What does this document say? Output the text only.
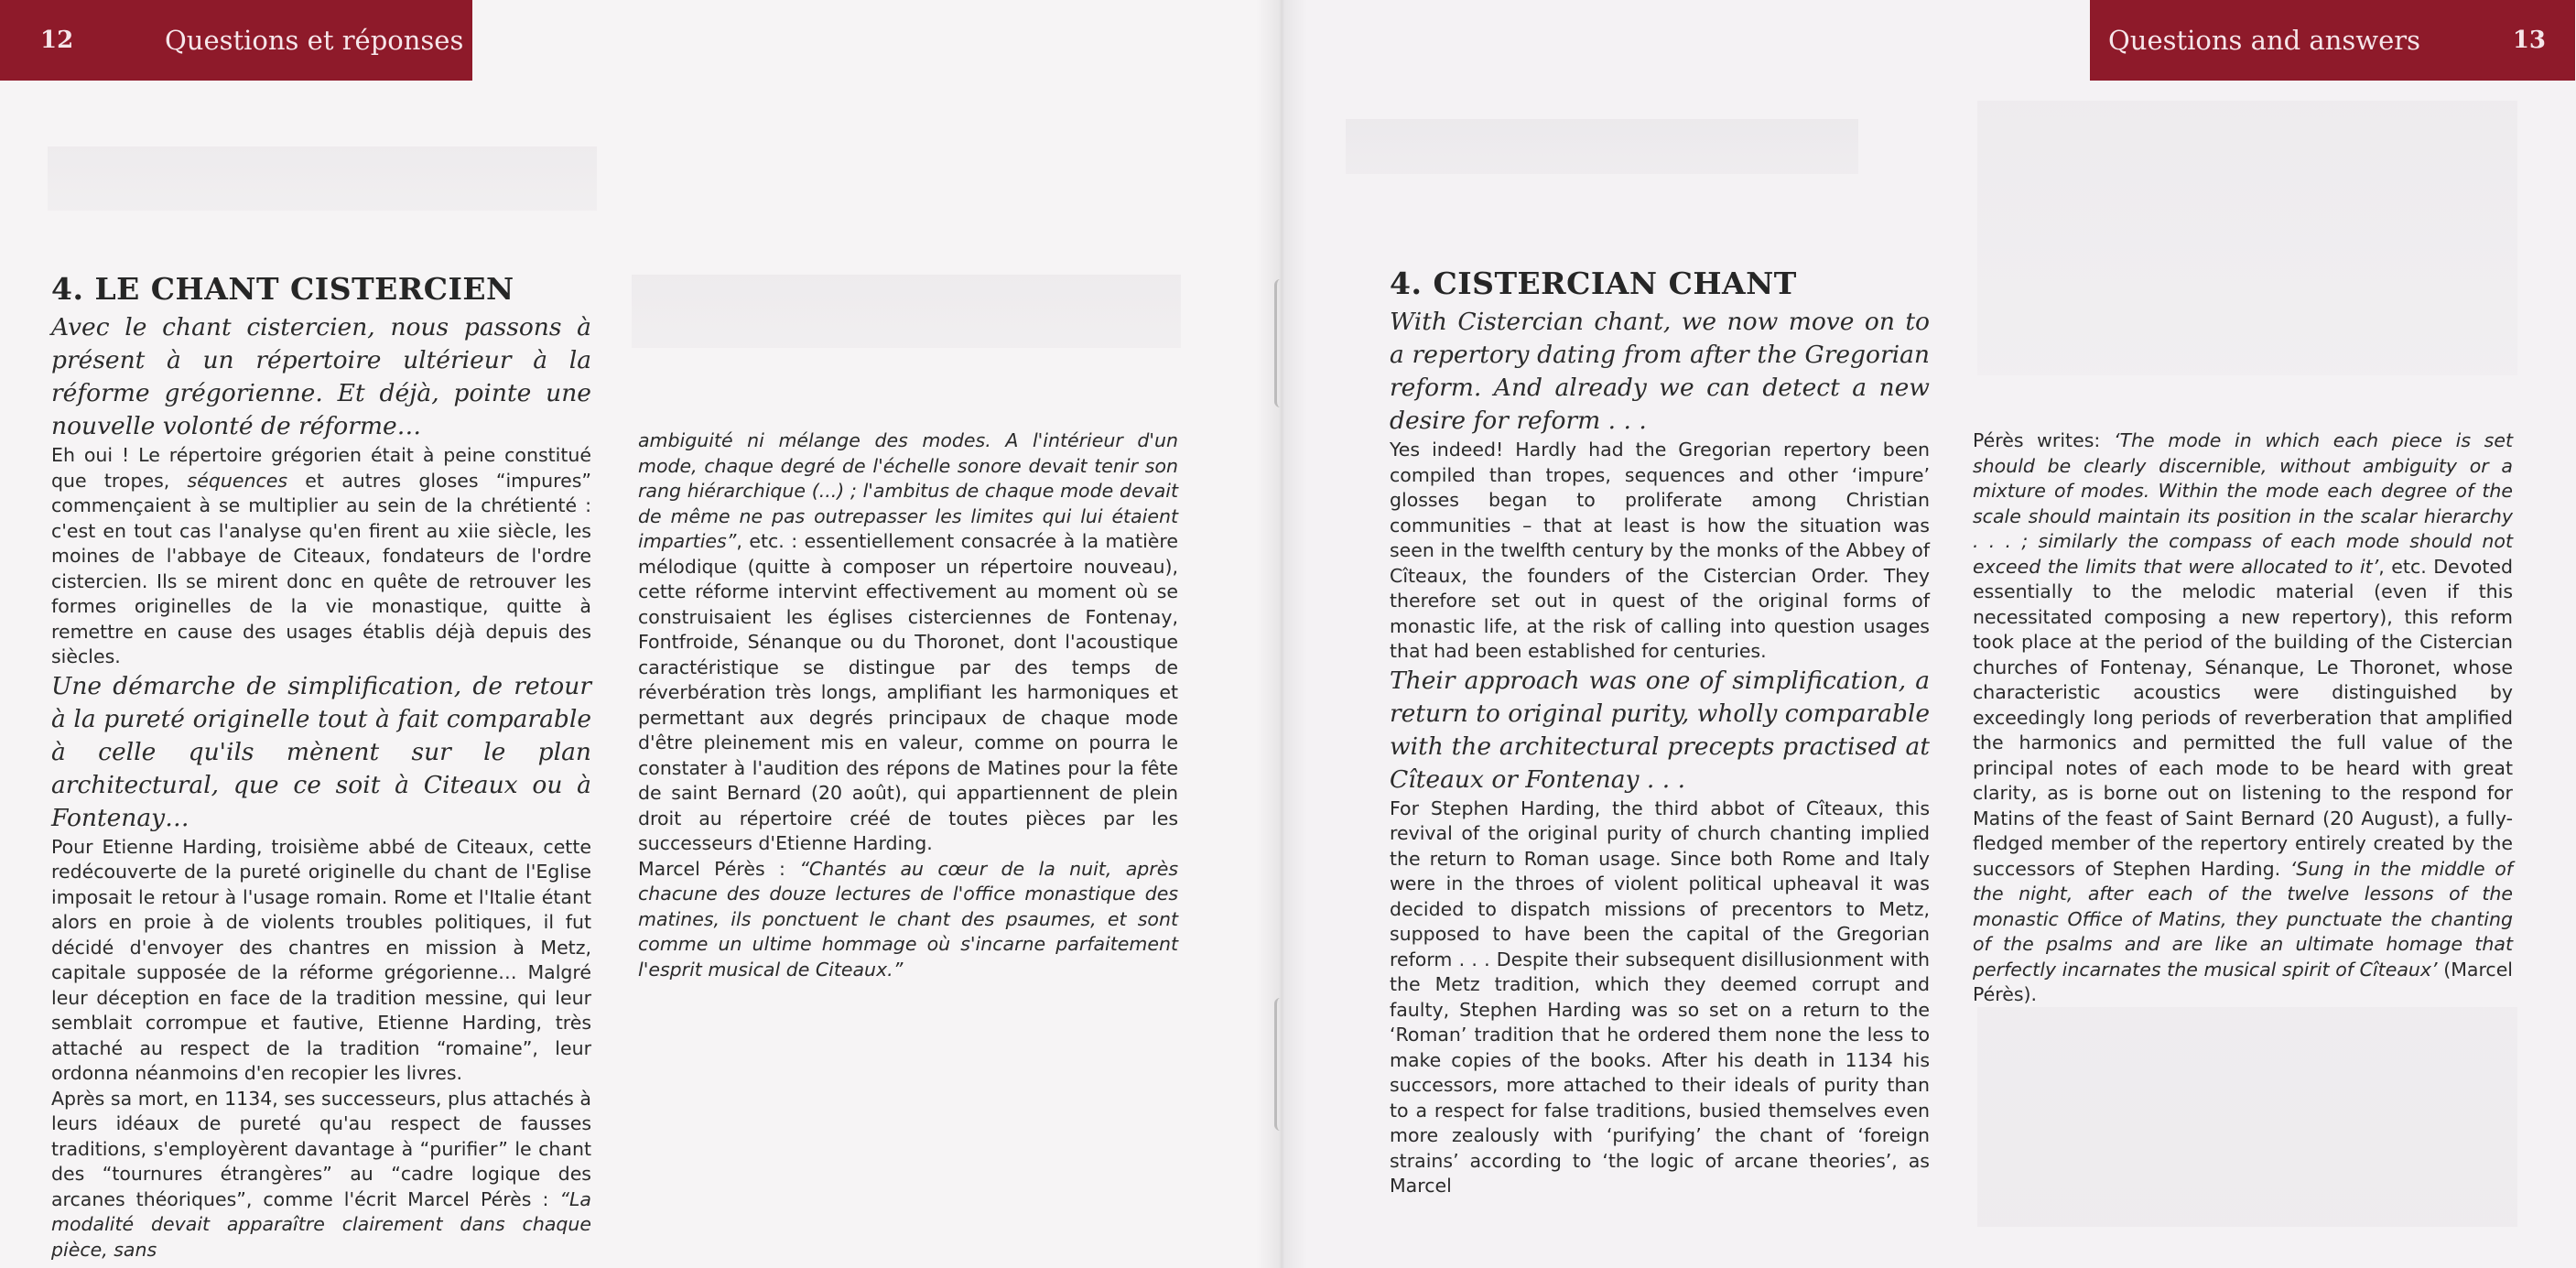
12	Questions et réponses
4. LE CHANT CISTERCIEN

Avec le chant cistercien, nous passons à présent à un répertoire ultérieur à la réforme grégorienne. Et déjà, pointe une nouvelle volonté de réforme…

Eh oui ! Le répertoire grégorien était à peine constitué que tropes, séquences et autres gloses “impures” commençaient à se multiplier au sein de la chrétienté : c'est en tout cas l'analyse qu'en firent au xiie siècle, les moines de l'abbaye de Citeaux, fondateurs de l'ordre cistercien. Ils se mirent donc en quête de retrouver les formes originelles de la vie monastique, quitte à remettre en cause des usages établis déjà depuis des siècles.

Une démarche de simplification, de retour à la pureté originelle tout à fait comparable à celle qu'ils mènent sur le plan architectural, que ce soit à Citeaux ou à Fontenay…

Pour Etienne Harding, troisième abbé de Citeaux, cette redécouverte de la pureté originelle du chant de l'Eglise imposait le retour à l'usage romain. Rome et l'Italie étant alors en proie à de violents troubles politiques, il fut décidé d'envoyer des chantres en mission à Metz, capitale supposée de la réforme grégorienne… Malgré leur déception en face de la tradition messine, qui leur semblait corrompue et fautive, Etienne Harding, très attaché au respect de la tradition “romaine”, leur ordonna néanmoins d'en recopier les livres.

Après sa mort, en 1134, ses successeurs, plus attachés à leurs idéaux de pureté qu'au respect de fausses traditions, s'employèrent davantage à “purifier” le chant des “tournures étrangères” au “cadre logique des arcanes théoriques”, comme l'écrit Marcel Pérès : “La modalité devait apparaître clairement dans chaque pièce, sans

ambiguité ni mélange des modes. A l'intérieur d'un mode, chaque degré de l'échelle sonore devait tenir son rang hiérarchique (...) ; l'ambitus de chaque mode devait de même ne pas outrepasser les limites qui lui étaient imparties”, etc. : essentiellement consacrée à la matière mélodique (quitte à composer un répertoire nouveau), cette réforme intervint effectivement au moment où se construisaient les églises cisterciennes de Fontenay, Fontfroide, Sénanque ou du Thoronet, dont l'acoustique caractéristique se distingue par des temps de réverbération très longs, amplifiant les harmoniques et permettant aux degrés principaux de chaque mode d'être pleinement mis en valeur, comme on pourra le constater à l'audition des répons de Matines pour la fête de saint Bernard (20 août), qui appartiennent de plein droit au répertoire créé de toutes pièces par les successeurs d'Etienne Harding.

Marcel Pérès : “Chantés au cœur de la nuit, après chacune des douze lectures de l'office monastique des matines, ils ponctuent le chant des psaumes, et sont comme un ultime hommage où s'incarne parfaitement l'esprit musical de Citeaux.”

Questions and answers	13
4. CISTERCIAN CHANT

With Cistercian chant, we now move on to a repertory dating from after the Gregorian reform. And already we can detect a new desire for reform . . .

Yes indeed! Hardly had the Gregorian repertory been compiled than tropes, sequences and other ‘impure’ glosses began to proliferate among Christian communities – that at least is how the situation was seen in the twelfth century by the monks of the Abbey of Cîteaux, the founders of the Cistercian Order. They therefore set out in quest of the original forms of monastic life, at the risk of calling into question usages that had been established for centuries.

Their approach was one of simplification, a return to original purity, wholly comparable with the architectural precepts practised at Cîteaux or Fontenay . . .

For Stephen Harding, the third abbot of Cîteaux, this revival of the original purity of church chanting implied the return to Roman usage. Since both Rome and Italy were in the throes of violent political upheaval it was decided to dispatch missions of precentors to Metz, supposed to have been the capital of the Gregorian reform . . . Despite their subsequent disillusionment with the Metz tradition, which they deemed corrupt and faulty, Stephen Harding was so set on a return to the ‘Roman’ tradition that he ordered them none the less to make copies of the books. After his death in 1134 his successors, more attached to their ideals of purity than to a respect for false traditions, busied themselves even more zealously with ‘purifying’ the chant of ‘foreign strains’ according to ‘the logic of arcane theories’, as Marcel

Pérès writes: ‘The mode in which each piece is set should be clearly discernible, without ambiguity or a mixture of modes. Within the mode each degree of the scale should maintain its position in the scalar hierarchy . . . ; similarly the compass of each mode should not exceed the limits that were allocated to it’, etc. Devoted essentially to the melodic material (even if this necessitated composing a new repertory), this reform took place at the period of the building of the Cistercian churches of Fontenay, Sénanque, Le Thoronet, whose characteristic acoustics were distinguished by exceedingly long periods of reverberation that amplified the harmonics and permitted the full value of the principal notes of each mode to be heard with great clarity, as is borne out on listening to the respond for Matins of the feast of Saint Bernard (20 August), a fully-fledged member of the repertory entirely created by the successors of Stephen Harding. ‘Sung in the middle of the night, after each of the twelve lessons of the monastic Office of Matins, they punctuate the chanting of the psalms and are like an ultimate homage that perfectly incarnates the musical spirit of Cîteaux’ (Marcel Pérès).
